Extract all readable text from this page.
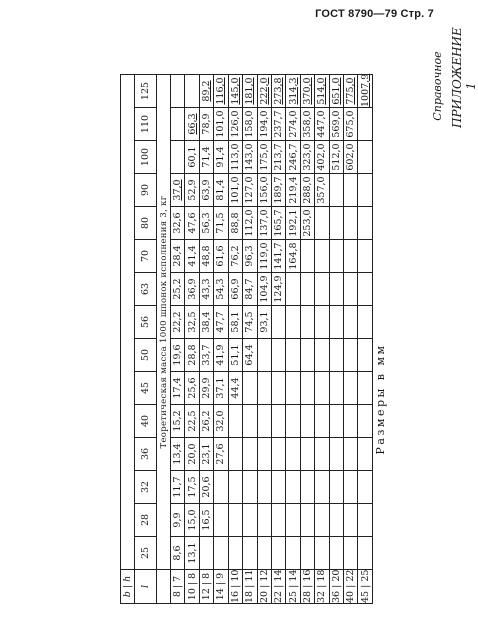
ГОСТ 8790—79 Стр. 7
ПРИЛОЖЕНИЕ 1
Справочное
Размеры в мм
b | h															
l	25	28	32	36	40	45	50	56	63	70	80	90	100	110	125
	Теоретическая масса 1000 шпонок исполнения 3, кг														
8 | 7	8,6	9,9	11,7	13,4	15,2	17,4	19,6	22,2	25,2	28,4	32,6	37,0			
10 | 8	13,1	15,0	17,5	20,0	22,5	25,6	28,8	32,5	36,9	41,4	47,6	52,9	60,1	66,3	
12 | 8		16,5	20,6	23,1	26,2	29,9	33,7	38,4	43,3	48,8	56,3	63,9	71,4	78,9	89,2
14 | 9				27,6	32,0	37,1	41,9	47,7	54,3	61,6	71,5	81,4	91,4	101,0	116,0
16 | 10						44,4	51,1	58,1	66,9	76,2	88,8	101,0	113,0	126,0	145,0
18 | 11							64,4	74,5	84,7	96,3	112,0	127,0	143,0	158,0	181,0
20 | 12								93,1	104,9	119,0	137,0	156,0	175,0	194,0	222,0
22 | 14									124,9	141,7	165,7	189,7	213,7	237,7	273,8
25 | 14										164,8	192,1	219,4	246,7	274,0	314,3
28 | 16											253,0	288,0	323,0	358,0	370,0
32 | 18												357,0	402,0	447,0	514,0
36 | 20													512,0	569,0	651,0
40 | 22													602,0	675,0	775,0
45 | 25															1007,9
